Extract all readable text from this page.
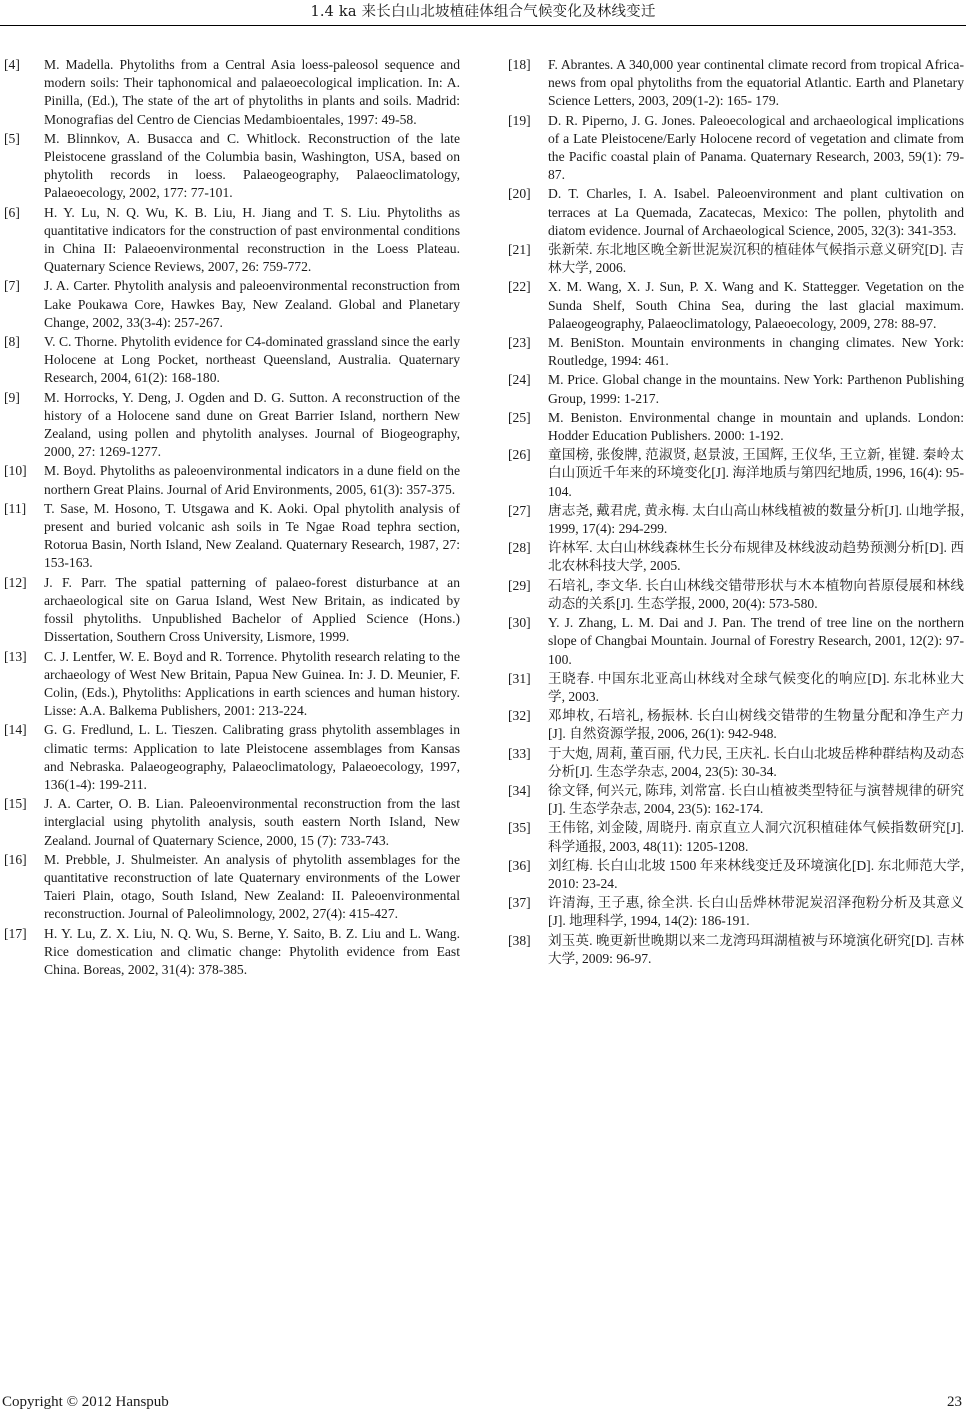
1.4 ka 来长白山北坡植硅体组合气候变化及林线变迁
[4]	M. Madella. Phytoliths from a Central Asia loess-paleosol sequence and modern soils: Their taphonomical and palaeoecological implication. In: A. Pinilla, (Ed.), The state of the art of phytoliths in plants and soils. Madrid: Monografias del Centro de Ciencias Medambioentales, 1997: 49-58.
[5]	M. Blinnkov, A. Busacca and C. Whitlock. Reconstruction of the late Pleistocene grassland of the Columbia basin, Washington, USA, based on phytolith records in loess. Palaeogeography, Palaeoclimatology, Palaeoecology, 2002, 177: 77-101.
[6]	H. Y. Lu, N. Q. Wu, K. B. Liu, H. Jiang and T. S. Liu. Phytoliths as quantitative indicators for the construction of past environmental conditions in China II: Palaeoenvironmental reconstruction in the Loess Plateau. Quaternary Science Reviews, 2007, 26: 759-772.
[7]	J. A. Carter. Phytolith analysis and paleoenvironmental reconstruction from Lake Poukawa Core, Hawkes Bay, New Zealand. Global and Planetary Change, 2002, 33(3-4): 257-267.
[8]	V. C. Thorne. Phytolith evidence for C4-dominated grassland since the early Holocene at Long Pocket, northeast Queensland, Australia. Quaternary Research, 2004, 61(2): 168-180.
[9]	M. Horrocks, Y. Deng, J. Ogden and D. G. Sutton. A reconstruction of the history of a Holocene sand dune on Great Barrier Island, northern New Zealand, using pollen and phytolith analyses. Journal of Biogeography, 2000, 27: 1269-1277.
[10]	M. Boyd. Phytoliths as paleoenvironmental indicators in a dune field on the northern Great Plains. Journal of Arid Environments, 2005, 61(3): 357-375.
[11]	T. Sase, M. Hosono, T. Utsgawa and K. Aoki. Opal phytolith analysis of present and buried volcanic ash soils in Te Ngae Road tephra section, Rotorua Basin, North Island, New Zealand. Quaternary Research, 1987, 27: 153-163.
[12]	J. F. Parr. The spatial patterning of palaeo-forest disturbance at an archaeological site on Garua Island, West New Britain, as indicated by fossil phytoliths. Unpublished Bachelor of Applied Science (Hons.) Dissertation, Southern Cross University, Lismore, 1999.
[13]	C. J. Lentfer, W. E. Boyd and R. Torrence. Phytolith research relating to the archaeology of West New Britain, Papua New Guinea. In: J. D. Meunier, F. Colin, (Eds.), Phytoliths: Applications in earth sciences and human history. Lisse: A.A. Balkema Publishers, 2001: 213-224.
[14]	G. G. Fredlund, L. L. Tieszen. Calibrating grass phytolith assemblages in climatic terms: Application to late Pleistocene assemblages from Kansas and Nebraska. Palaeogeography, Palaeoclimatology, Palaeoecology, 1997, 136(1-4): 199-211.
[15]	J. A. Carter, O. B. Lian. Paleoenvironmental reconstruction from the last interglacial using phytolith analysis, south eastern North Island, New Zealand. Journal of Quaternary Science, 2000, 15 (7): 733-743.
[16]	M. Prebble, J. Shulmeister. An analysis of phytolith assemblages for the quantitative reconstruction of late Quaternary environments of the Lower Taieri Plain, otago, South Island, New Zealand: II. Paleoenvironmental reconstruction. Journal of Paleolimnology, 2002, 27(4): 415-427.
[17]	H. Y. Lu, Z. X. Liu, N. Q. Wu, S. Berne, Y. Saito, B. Z. Liu and L. Wang. Rice domestication and climatic change: Phytolith evidence from East China. Boreas, 2002, 31(4): 378-385.
[18]	F. Abrantes. A 340,000 year continental climate record from tropical Africa-news from opal phytoliths from the equatorial Atlantic. Earth and Planetary Science Letters, 2003, 209(1-2): 165- 179.
[19]	D. R. Piperno, J. G. Jones. Paleoecological and archaeological implications of a Late Pleistocene/Early Holocene record of vegetation and climate from the Pacific coastal plain of Panama. Quaternary Research, 2003, 59(1): 79-87.
[20]	D. T. Charles, I. A. Isabel. Paleoenvironment and plant cultivation on terraces at La Quemada, Zacatecas, Mexico: The pollen, phytolith and diatom evidence. Journal of Archaeological Science, 2005, 32(3): 341-353.
[21]	张新荣. 东北地区晚全新世泥炭沉积的植硅体气候指示意义研究[D]. 吉林大学, 2006.
[22]	X. M. Wang, X. J. Sun, P. X. Wang and K. Stattegger. Vegetation on the Sunda Shelf, South China Sea, during the last glacial maximum. Palaeogeography, Palaeoclimatology, Palaeoecology, 2009, 278: 88-97.
[23]	M. BeniSton. Mountain environments in changing climates. New York: Routledge, 1994: 461.
[24]	M. Price. Global change in the mountains. New York: Parthenon Publishing Group, 1999: 1-217.
[25]	M. Beniston. Environmental change in mountain and uplands. London: Hodder Education Publishers. 2000: 1-192.
[26]	童国榜, 张俊牌, 范淑贤, 赵景波, 王国辉, 王仪华, 王立新, 崔键. 秦岭太白山顶近千年来的环境变化[J]. 海洋地质与第四纪地质, 1996, 16(4): 95-104.
[27]	唐志尧, 戴君虎, 黄永梅. 太白山高山林线植被的数量分析[J]. 山地学报, 1999, 17(4): 294-299.
[28]	许林军. 太白山林线森林生长分布规律及林线波动趋势预测分析[D]. 西北农林科技大学, 2005.
[29]	石培礼, 李文华. 长白山林线交错带形状与木本植物向苔原侵展和林线动态的关系[J]. 生态学报, 2000, 20(4): 573-580.
[30]	Y. J. Zhang, L. M. Dai and J. Pan. The trend of tree line on the northern slope of Changbai Mountain. Journal of Forestry Research, 2001, 12(2): 97-100.
[31]	王晓春. 中国东北亚高山林线对全球气候变化的响应[D]. 东北林业大学, 2003.
[32]	邓坤枚, 石培礼, 杨振林. 长白山树线交错带的生物量分配和净生产力[J]. 自然资源学报, 2006, 26(1): 942-948.
[33]	于大炮, 周莉, 董百丽, 代力民, 王庆礼. 长白山北坡岳桦种群结构及动态分析[J]. 生态学杂志, 2004, 23(5): 30-34.
[34]	徐文铎, 何兴元, 陈玮, 刘常富. 长白山植被类型特征与演替规律的研究[J]. 生态学杂志, 2004, 23(5): 162-174.
[35]	王伟铭, 刘金陵, 周晓丹. 南京直立人洞穴沉积植硅体气候指数研究[J]. 科学通报, 2003, 48(11): 1205-1208.
[36]	刘红梅. 长白山北坡 1500 年来林线变迁及环境演化[D]. 东北师范大学, 2010: 23-24.
[37]	许清海, 王子惠, 徐全洪. 长白山岳烨林带泥炭沼泽孢粉分析及其意义[J]. 地理科学, 1994, 14(2): 186-191.
[38]	刘玉英. 晚更新世晚期以来二龙湾玛珥湖植被与环境演化研究[D]. 吉林大学, 2009: 96-97.
Copyright © 2012 Hanspub	23
